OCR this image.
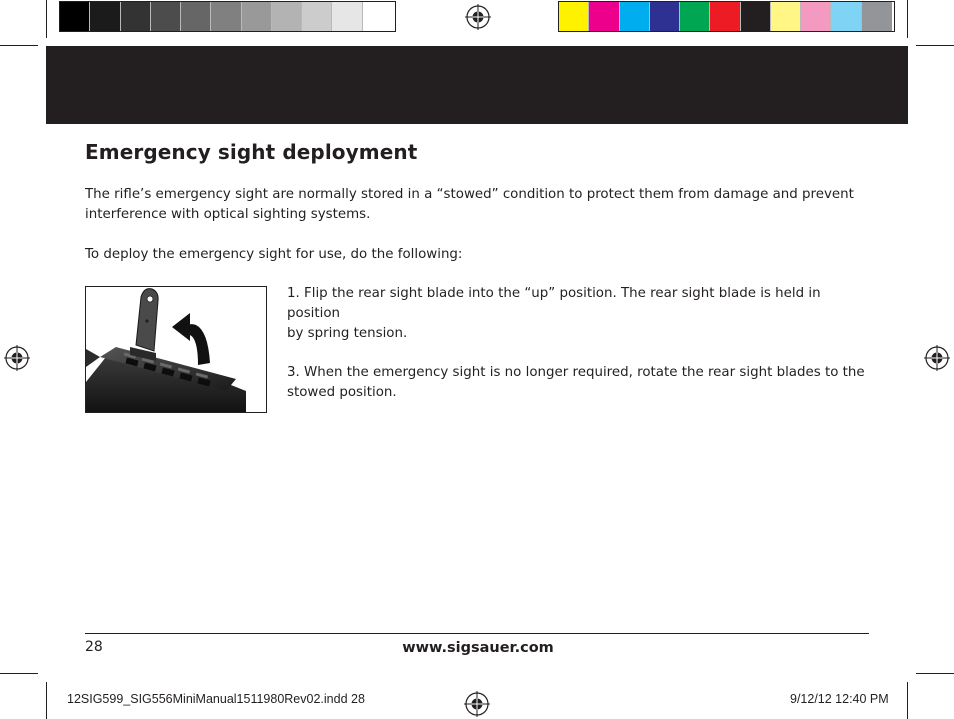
Emergency sight deployment
The rifle’s emergency sight are normally stored in a “stowed” condition to protect them from damage and prevent
interference with optical sighting systems.
To deploy the emergency sight for use, do the following:

1. Flip the rear sight blade into the “up” position. The rear sight blade is held in position
by spring tension.

3. When the emergency sight is no longer required, rotate the rear sight blades to the
stowed position.

28	www.sigsauer.com
12SIG599_SIG556MiniManual1511980Rev02.indd 28	9/12/12 12:40 PM
